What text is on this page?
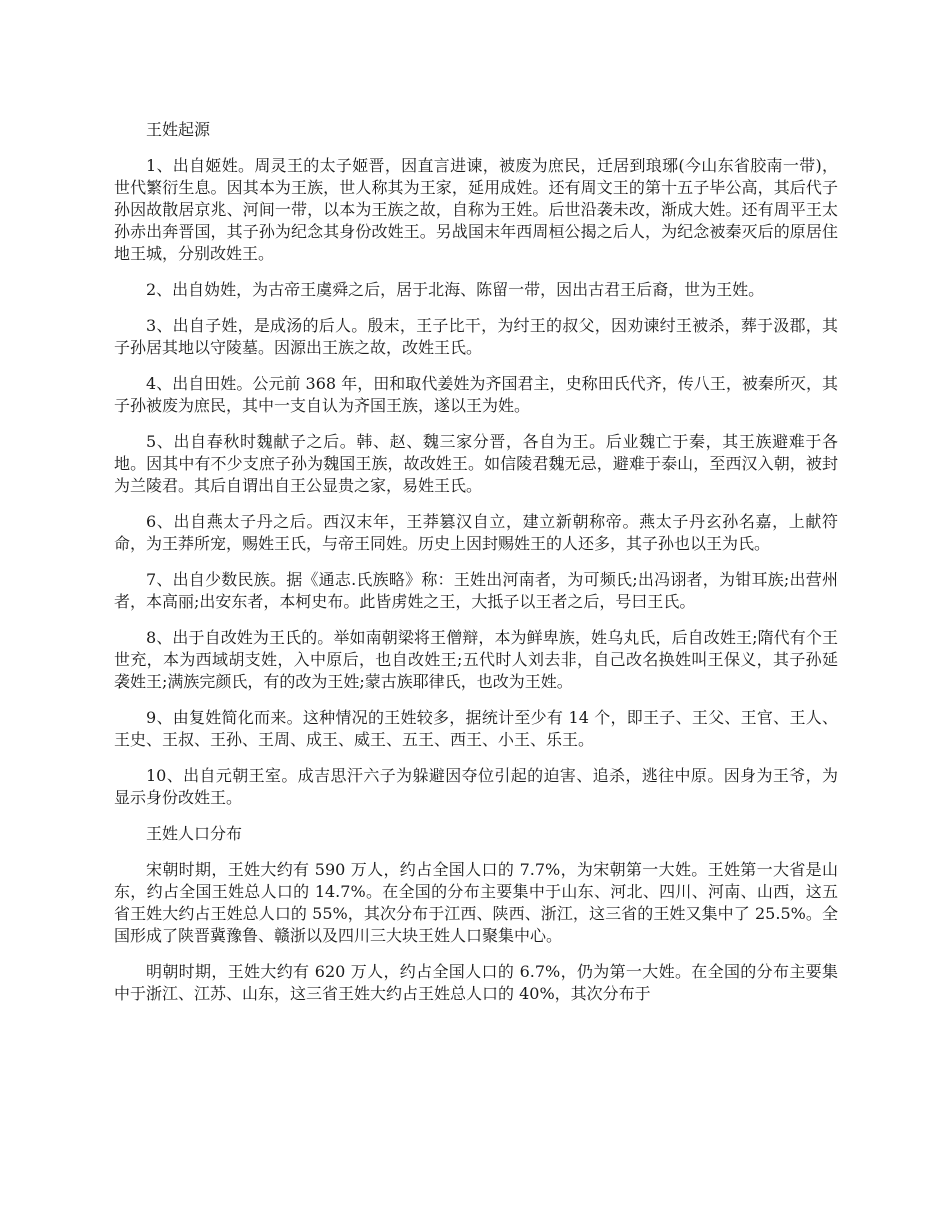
王姓起源

1、出自姬姓。周灵王的太子姬晋，因直言进谏，被废为庶民，迁居到琅琊(今山东省胶南一带)，世代繁衍生息。因其本为王族，世人称其为王家，延用成姓。还有周文王的第十五子毕公高，其后代子孙因故散居京兆、河间一带，以本为王族之故，自称为王姓。后世沿袭未改，渐成大姓。还有周平王太孙赤出奔晋国，其子孙为纪念其身份改姓王。另战国末年西周桓公揭之后人，为纪念被秦灭后的原居住地王城，分别改姓王。

2、出自妫姓，为古帝王虞舜之后，居于北海、陈留一带，因出古君王后裔，世为王姓。

3、出自子姓，是成汤的后人。殷末，王子比干，为纣王的叔父，因劝谏纣王被杀，葬于汲郡，其子孙居其地以守陵墓。因源出王族之故，改姓王氏。

4、出自田姓。公元前 368 年，田和取代姜姓为齐国君主，史称田氏代齐，传八王，被秦所灭，其子孙被废为庶民，其中一支自认为齐国王族，遂以王为姓。

5、出自春秋时魏献子之后。韩、赵、魏三家分晋，各自为王。后业魏亡于秦，其王族避难于各地。因其中有不少支庶子孙为魏国王族，故改姓王。如信陵君魏无忌，避难于泰山，至西汉入朝，被封为兰陵君。其后自谓出自王公显贵之家，易姓王氏。

6、出自燕太子丹之后。西汉末年，王莽篡汉自立，建立新朝称帝。燕太子丹玄孙名嘉，上献符命，为王莽所宠，赐姓王氏，与帝王同姓。历史上因封赐姓王的人还多，其子孙也以王为氏。

7、出自少数民族。据《通志.氏族略》称：王姓出河南者，为可频氏;出冯诩者，为钳耳族;出营州者，本高丽;出安东者，本柯史布。此皆虏姓之王，大抵子以王者之后，号曰王氏。

8、出于自改姓为王氏的。举如南朝梁将王僧辩，本为鲜卑族，姓乌丸氏，后自改姓王;隋代有个王世充，本为西域胡支姓，入中原后，也自改姓王;五代时人刘去非，自己改名换姓叫王保义，其子孙延袭姓王;满族完颜氏，有的改为王姓;蒙古族耶律氏，也改为王姓。

9、由复姓简化而来。这种情况的王姓较多，据统计至少有 14 个，即王子、王父、王官、王人、王史、王叔、王孙、王周、成王、威王、五王、西王、小王、乐王。

10、出自元朝王室。成吉思汗六子为躲避因夺位引起的迫害、追杀，逃往中原。因身为王爷，为显示身份改姓王。

王姓人口分布

宋朝时期，王姓大约有 590 万人，约占全国人口的 7.7%，为宋朝第一大姓。王姓第一大省是山东，约占全国王姓总人口的 14.7%。在全国的分布主要集中于山东、河北、四川、河南、山西，这五省王姓大约占王姓总人口的 55%，其次分布于江西、陕西、浙江，这三省的王姓又集中了 25.5%。全国形成了陕晋冀豫鲁、赣浙以及四川三大块王姓人口聚集中心。

明朝时期，王姓大约有 620 万人，约占全国人口的 6.7%，仍为第一大姓。在全国的分布主要集中于浙江、江苏、山东，这三省王姓大约占王姓总人口的 40%，其次分布于
